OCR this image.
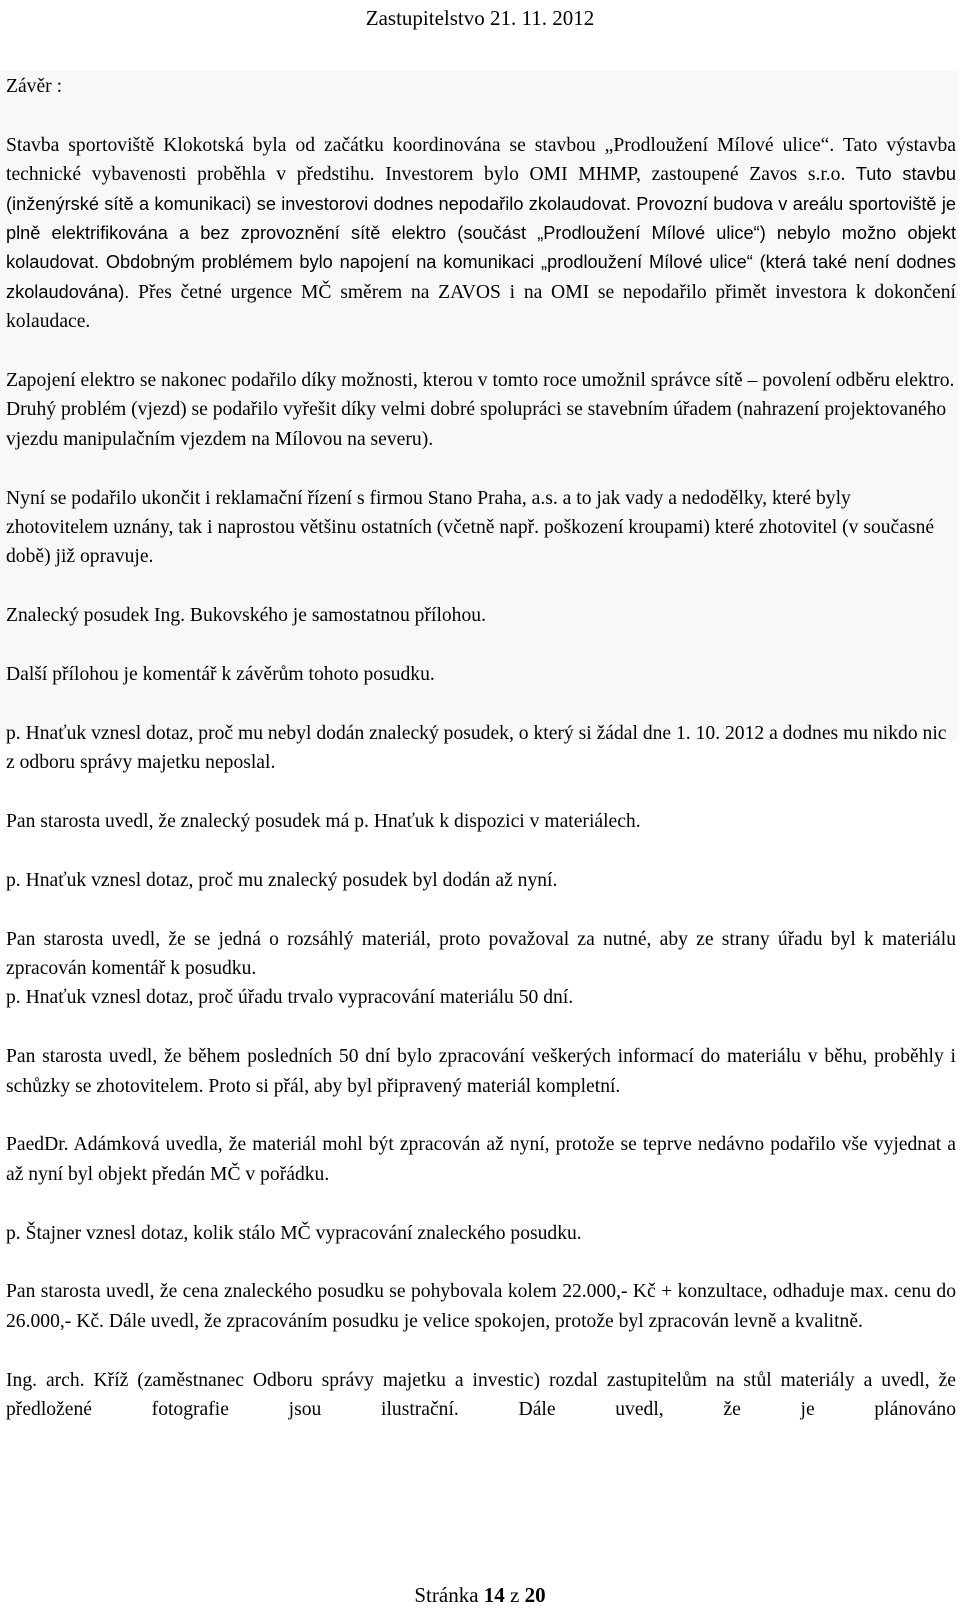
Zastupitelstvo 21. 11. 2012

Závěr :

Stavba sportoviště Klokotská byla od začátku koordinována se stavbou „Prodloužení Mílové ulice“. Tato výstavba technické vybavenosti proběhla v předstihu. Investorem bylo OMI MHMP, zastoupené Zavos s.r.o. Tuto stavbu (inženýrské sítě a komunikaci) se investorovi dodnes nepodařilo zkolaudovat. Provozní budova v areálu sportoviště je plně elektrifikována a bez zprovoznění sítě elektro (součást „Prodloužení Mílové ulice“) nebylo možno objekt kolaudovat. Obdobným problémem bylo napojení na komunikaci „prodloužení Mílové ulice“ (která také není dodnes zkolaudována). Přes četné urgence MČ směrem na ZAVOS i na OMI se nepodařilo přimět investora k dokončení kolaudace.

Zapojení elektro se nakonec podařilo díky možnosti, kterou v tomto roce umožnil správce sítě – povolení odběru elektro. Druhý problém (vjezd) se podařilo vyřešit díky velmi dobré spolupráci se stavebním úřadem (nahrazení projektovaného vjezdu manipulačním vjezdem na Mílovou na severu).

Nyní se podařilo ukončit i reklamační řízení s firmou Stano Praha, a.s. a to jak vady a nedodělky, které byly zhotovitelem uznány, tak i naprostou většinu ostatních (včetně např. poškození kroupami) které zhotovitel (v současné době) již opravuje.

Znalecký posudek Ing. Bukovského je samostatnou přílohou.

Další přílohou je komentář k závěrům tohoto posudku.

p. Hnaťuk vznesl dotaz, proč mu nebyl dodán znalecký posudek, o který si žádal dne 1. 10. 2012 a dodnes mu nikdo nic z odboru správy majetku neposlal.

Pan starosta uvedl, že znalecký posudek má p. Hnaťuk k dispozici v materiálech.

p. Hnaťuk vznesl dotaz, proč mu znalecký posudek byl dodán až nyní.

Pan starosta uvedl, že se jedná o rozsáhlý materiál, proto považoval za nutné, aby ze strany úřadu byl k materiálu zpracován komentář k posudku.

p. Hnaťuk vznesl dotaz, proč úřadu trvalo vypracování materiálu 50 dní.

Pan starosta uvedl, že během posledních 50 dní bylo zpracování veškerých informací do materiálu v běhu, proběhly i schůzky se zhotovitelem. Proto si přál, aby byl připravený materiál kompletní.

PaedDr. Adámková uvedla, že materiál mohl být zpracován až nyní, protože se teprve nedávno podařilo vše vyjednat a až nyní byl objekt předán MČ v pořádku.

p. Štajner vznesl dotaz, kolik stálo MČ vypracování znaleckého posudku.

Pan starosta uvedl, že cena znaleckého posudku se pohybovala kolem 22.000,- Kč + konzultace, odhaduje max. cenu do 26.000,- Kč. Dále uvedl, že zpracováním posudku je velice spokojen, protože byl zpracován levně a kvalitně.

Ing. arch. Kříž (zaměstnanec Odboru správy majetku a investic) rozdal zastupitelům na stůl materiály a uvedl, že předložené fotografie jsou ilustrační. Dále uvedl, že je plánováno

Stránka 14 z 20
